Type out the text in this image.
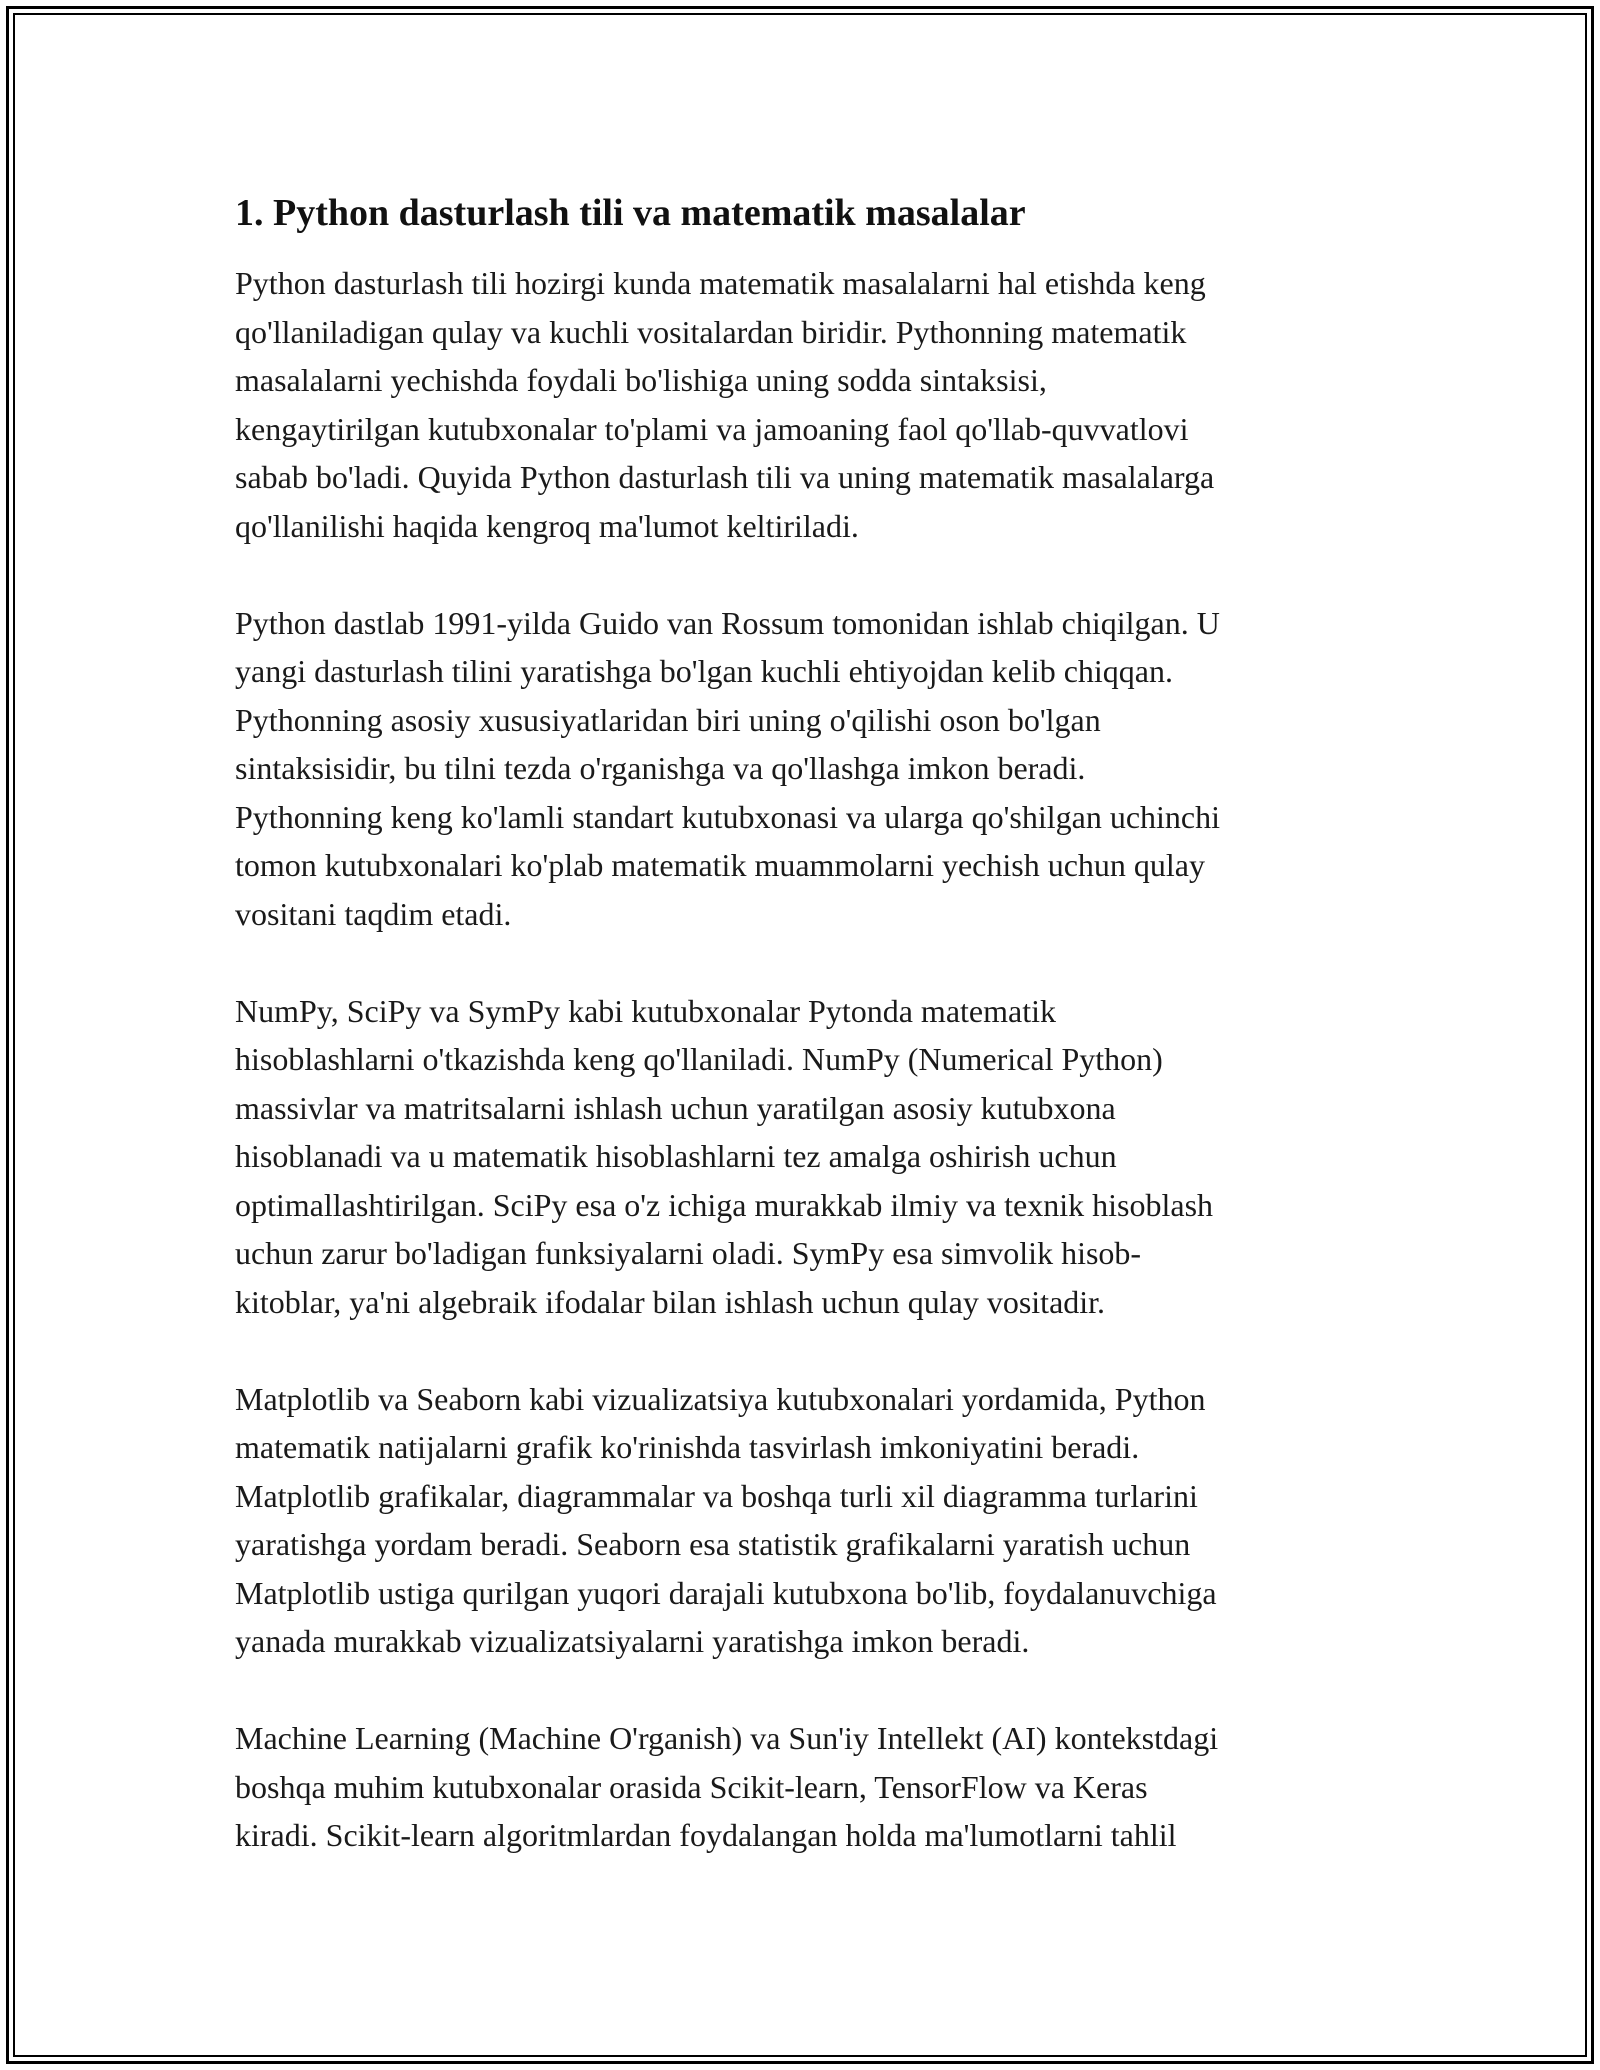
1. Python dasturlash tili va matematik masalalar

Python dasturlash tili hozirgi kunda matematik masalalarni hal etishda keng
qo'llaniladigan qulay va kuchli vositalardan biridir. Pythonning matematik
masalalarni yechishda foydali bo'lishiga uning sodda sintaksisi,
kengaytirilgan kutubxonalar to'plami va jamoaning faol qo'llab-quvvatlovi
sabab bo'ladi. Quyida Python dasturlash tili va uning matematik masalalarga
qo'llanilishi haqida kengroq ma'lumot keltiriladi.

Python dastlab 1991-yilda Guido van Rossum tomonidan ishlab chiqilgan. U
yangi dasturlash tilini yaratishga bo'lgan kuchli ehtiyojdan kelib chiqqan.
Pythonning asosiy xususiyatlaridan biri uning o'qilishi oson bo'lgan
sintaksisidir, bu tilni tezda o'rganishga va qo'llashga imkon beradi.
Pythonning keng ko'lamli standart kutubxonasi va ularga qo'shilgan uchinchi
tomon kutubxonalari ko'plab matematik muammolarni yechish uchun qulay
vositani taqdim etadi.

NumPy, SciPy va SymPy kabi kutubxonalar Pytonda matematik
hisoblashlarni o'tkazishda keng qo'llaniladi. NumPy (Numerical Python)
massivlar va matritsalarni ishlash uchun yaratilgan asosiy kutubxona
hisoblanadi va u matematik hisoblashlarni tez amalga oshirish uchun
optimallashtirilgan. SciPy esa o'z ichiga murakkab ilmiy va texnik hisoblash
uchun zarur bo'ladigan funksiyalarni oladi. SymPy esa simvolik hisob-
kitoblar, ya'ni algebraik ifodalar bilan ishlash uchun qulay vositadir.

Matplotlib va Seaborn kabi vizualizatsiya kutubxonalari yordamida, Python
matematik natijalarni grafik ko'rinishda tasvirlash imkoniyatini beradi.
Matplotlib grafikalar, diagrammalar va boshqa turli xil diagramma turlarini
yaratishga yordam beradi. Seaborn esa statistik grafikalarni yaratish uchun
Matplotlib ustiga qurilgan yuqori darajali kutubxona bo'lib, foydalanuvchiga
yanada murakkab vizualizatsiyalarni yaratishga imkon beradi.

Machine Learning (Machine O'rganish) va Sun'iy Intellekt (AI) kontekstdagi
boshqa muhim kutubxonalar orasida Scikit-learn, TensorFlow va Keras
kiradi. Scikit-learn algoritmlardan foydalangan holda ma'lumotlarni tahlil
